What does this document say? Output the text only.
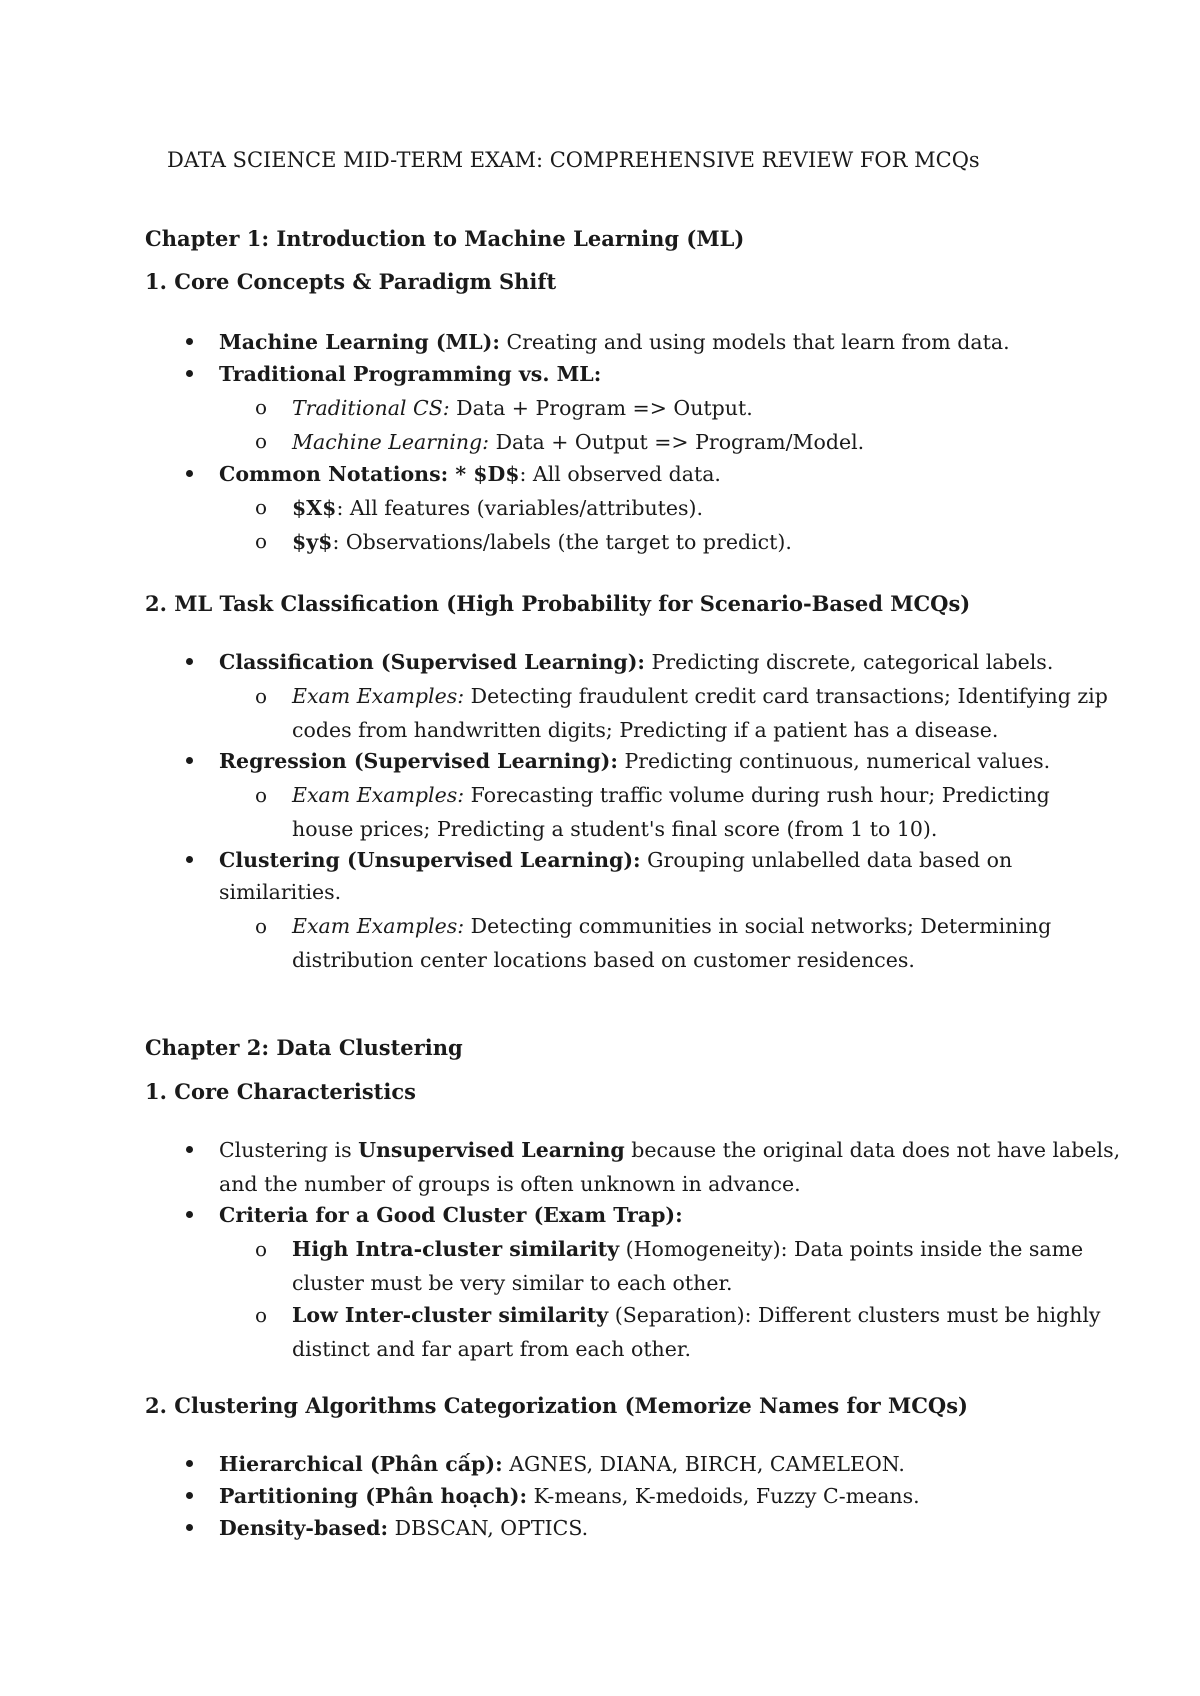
DATA SCIENCE MID-TERM EXAM: COMPREHENSIVE REVIEW FOR MCQs
Chapter 1: Introduction to Machine Learning (ML)
1. Core Concepts & Paradigm Shift
Machine Learning (ML): Creating and using models that learn from data.
Traditional Programming vs. ML:
o Traditional CS: Data + Program => Output.
o Machine Learning: Data + Output => Program/Model.
Common Notations: * $D$: All observed data.
o $X$: All features (variables/attributes).
o $y$: Observations/labels (the target to predict).
2. ML Task Classification (High Probability for Scenario-Based MCQs)
Classification (Supervised Learning): Predicting discrete, categorical labels.
o Exam Examples: Detecting fraudulent credit card transactions; Identifying zip
codes from handwritten digits; Predicting if a patient has a disease.
Regression (Supervised Learning): Predicting continuous, numerical values.
o Exam Examples: Forecasting traffic volume during rush hour; Predicting
house prices; Predicting a student's final score (from 1 to 10).
Clustering (Unsupervised Learning): Grouping unlabelled data based on
similarities.
o Exam Examples: Detecting communities in social networks; Determining
distribution center locations based on customer residences.
Chapter 2: Data Clustering
1. Core Characteristics
Clustering is Unsupervised Learning because the original data does not have labels,
and the number of groups is often unknown in advance.
Criteria for a Good Cluster (Exam Trap):
o High Intra-cluster similarity (Homogeneity): Data points inside the same
cluster must be very similar to each other.
o Low Inter-cluster similarity (Separation): Different clusters must be highly
distinct and far apart from each other.
2. Clustering Algorithms Categorization (Memorize Names for MCQs)
Hierarchical (Phân cấp): AGNES, DIANA, BIRCH, CAMELEON.
Partitioning (Phân hoạch): K-means, K-medoids, Fuzzy C-means.
Density-based: DBSCAN, OPTICS.
